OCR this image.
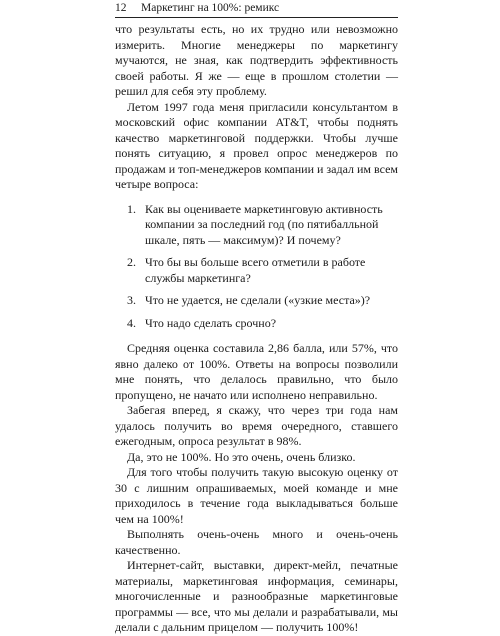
12 Маркетинг на 100%: ремикс

что результаты есть, но их трудно или невозможно измерить. Многие менеджеры по маркетингу мучаются, не зная, как подтвердить эффективность своей работы. Я же — еще в прошлом столетии — решил для себя эту проблему.

Летом 1997 года меня пригласили консультантом в московский офис компании AT&T, чтобы поднять качество маркетинговой поддержки. Чтобы лучше понять ситуацию, я провел опрос менеджеров по продажам и топ-менеджеров компании и задал им всем четыре вопроса:

1. Как вы оцениваете маркетинговую активность компании за последний год (по пятибалльной шкале, пять — максимум)? И почему?
2. Что бы вы больше всего отметили в работе службы маркетинга?
3. Что не удается, не сделали («узкие места»)?
4. Что надо сделать срочно?

Средняя оценка составила 2,86 балла, или 57%, что явно далеко от 100%. Ответы на вопросы позволили мне понять, что делалось правильно, что было пропущено, не начато или исполнено неправильно.

Забегая вперед, я скажу, что через три года нам удалось получить во время очередного, ставшего ежегодным, опроса результат в 98%.

Да, это не 100%. Но это очень, очень близко.

Для того чтобы получить такую высокую оценку от 30 с лишним опрашиваемых, моей команде и мне приходилось в течение года выкладываться больше чем на 100%!

Выполнять очень-очень много и очень-очень качественно.

Интернет-сайт, выставки, директ-мейл, печатные материалы, маркетинговая информация, семинары, многочисленные и разнообразные маркетинговые программы — все, что мы делали и разрабатывали, мы делали с дальним прицелом — получить 100%!
